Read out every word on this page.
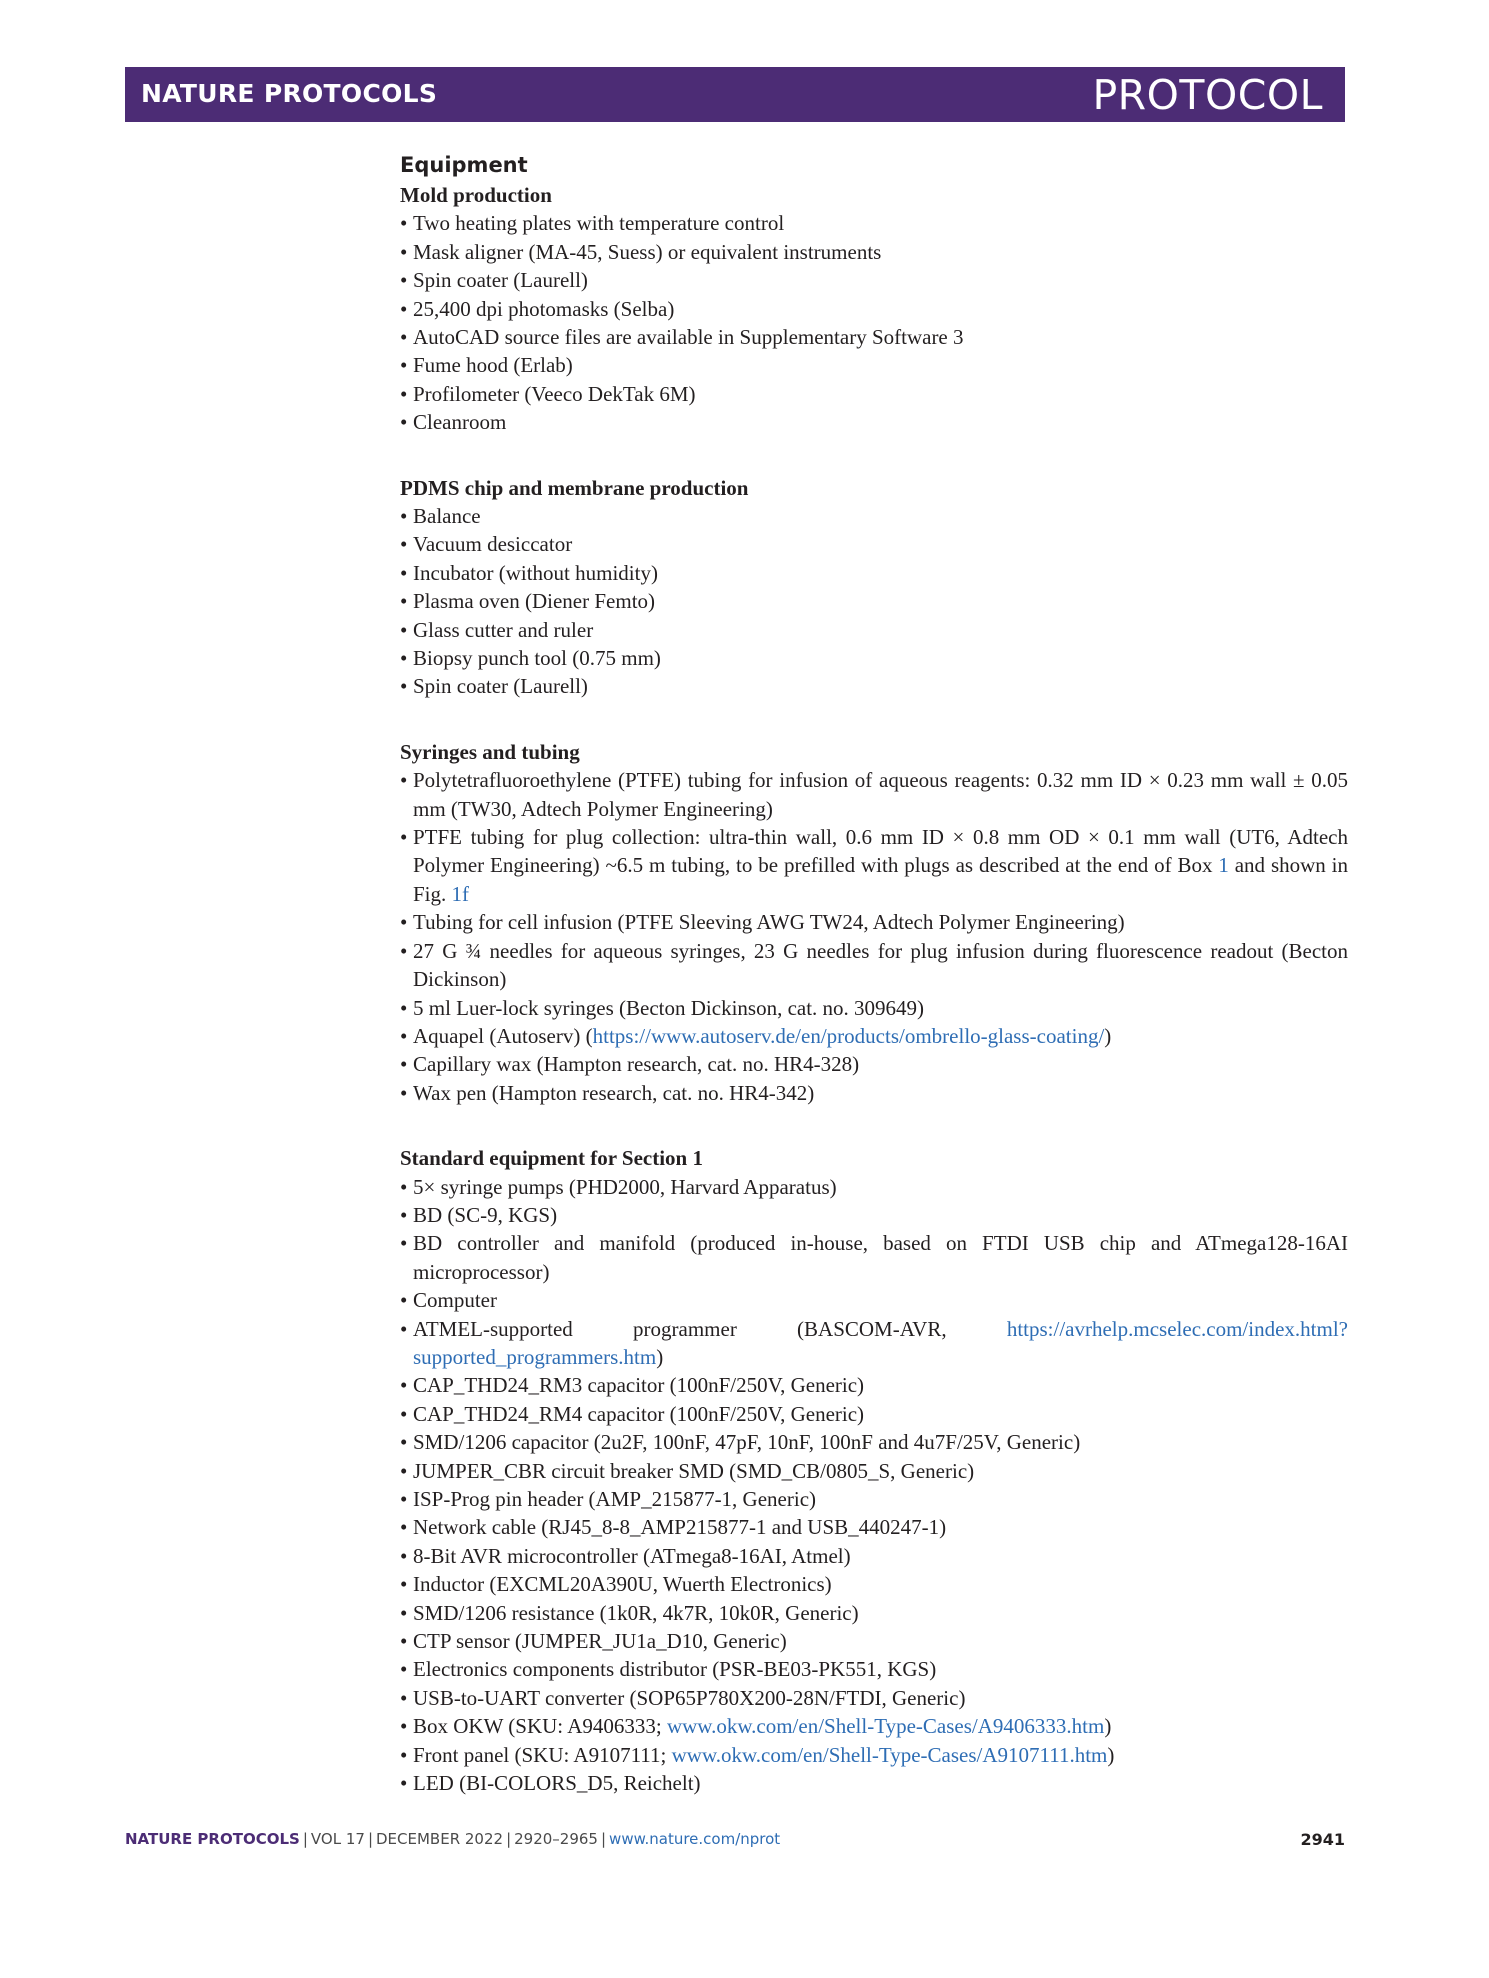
NATURE PROTOCOLS	PROTOCOL
Equipment
Mold production
• Two heating plates with temperature control
• Mask aligner (MA-45, Suess) or equivalent instruments
• Spin coater (Laurell)
• 25,400 dpi photomasks (Selba)
• AutoCAD source files are available in Supplementary Software 3
• Fume hood (Erlab)
• Profilometer (Veeco DekTak 6M)
• Cleanroom
PDMS chip and membrane production
• Balance
• Vacuum desiccator
• Incubator (without humidity)
• Plasma oven (Diener Femto)
• Glass cutter and ruler
• Biopsy punch tool (0.75 mm)
• Spin coater (Laurell)
Syringes and tubing
• Polytetrafluoroethylene (PTFE) tubing for infusion of aqueous reagents: 0.32 mm ID × 0.23 mm wall ± 0.05 mm (TW30, Adtech Polymer Engineering)
• PTFE tubing for plug collection: ultra-thin wall, 0.6 mm ID × 0.8 mm OD × 0.1 mm wall (UT6, Adtech Polymer Engineering) ~6.5 m tubing, to be prefilled with plugs as described at the end of Box 1 and shown in Fig. 1f
• Tubing for cell infusion (PTFE Sleeving AWG TW24, Adtech Polymer Engineering)
• 27 G ¾ needles for aqueous syringes, 23 G needles for plug infusion during fluorescence readout (Becton Dickinson)
• 5 ml Luer-lock syringes (Becton Dickinson, cat. no. 309649)
• Aquapel (Autoserv) (https://www.autoserv.de/en/products/ombrello-glass-coating/)
• Capillary wax (Hampton research, cat. no. HR4-328)
• Wax pen (Hampton research, cat. no. HR4-342)
Standard equipment for Section 1
• 5× syringe pumps (PHD2000, Harvard Apparatus)
• BD (SC-9, KGS)
• BD controller and manifold (produced in-house, based on FTDI USB chip and ATmega128-16AI microprocessor)
• Computer
• ATMEL-supported programmer (BASCOM-AVR, https://avrhelp.mcselec.com/index.html?supported_programmers.htm)
• CAP_THD24_RM3 capacitor (100nF/250V, Generic)
• CAP_THD24_RM4 capacitor (100nF/250V, Generic)
• SMD/1206 capacitor (2u2F, 100nF, 47pF, 10nF, 100nF and 4u7F/25V, Generic)
• JUMPER_CBR circuit breaker SMD (SMD_CB/0805_S, Generic)
• ISP-Prog pin header (AMP_215877-1, Generic)
• Network cable (RJ45_8-8_AMP215877-1 and USB_440247-1)
• 8-Bit AVR microcontroller (ATmega8-16AI, Atmel)
• Inductor (EXCML20A390U, Wuerth Electronics)
• SMD/1206 resistance (1k0R, 4k7R, 10k0R, Generic)
• CTP sensor (JUMPER_JU1a_D10, Generic)
• Electronics components distributor (PSR-BE03-PK551, KGS)
• USB-to-UART converter (SOP65P780X200-28N/FTDI, Generic)
• Box OKW (SKU: A9406333; www.okw.com/en/Shell-Type-Cases/A9406333.htm)
• Front panel (SKU: A9107111; www.okw.com/en/Shell-Type-Cases/A9107111.htm)
• LED (BI-COLORS_D5, Reichelt)
NATURE PROTOCOLS | VOL 17 | DECEMBER 2022 | 2920–2965 | www.nature.com/nprot	2941
